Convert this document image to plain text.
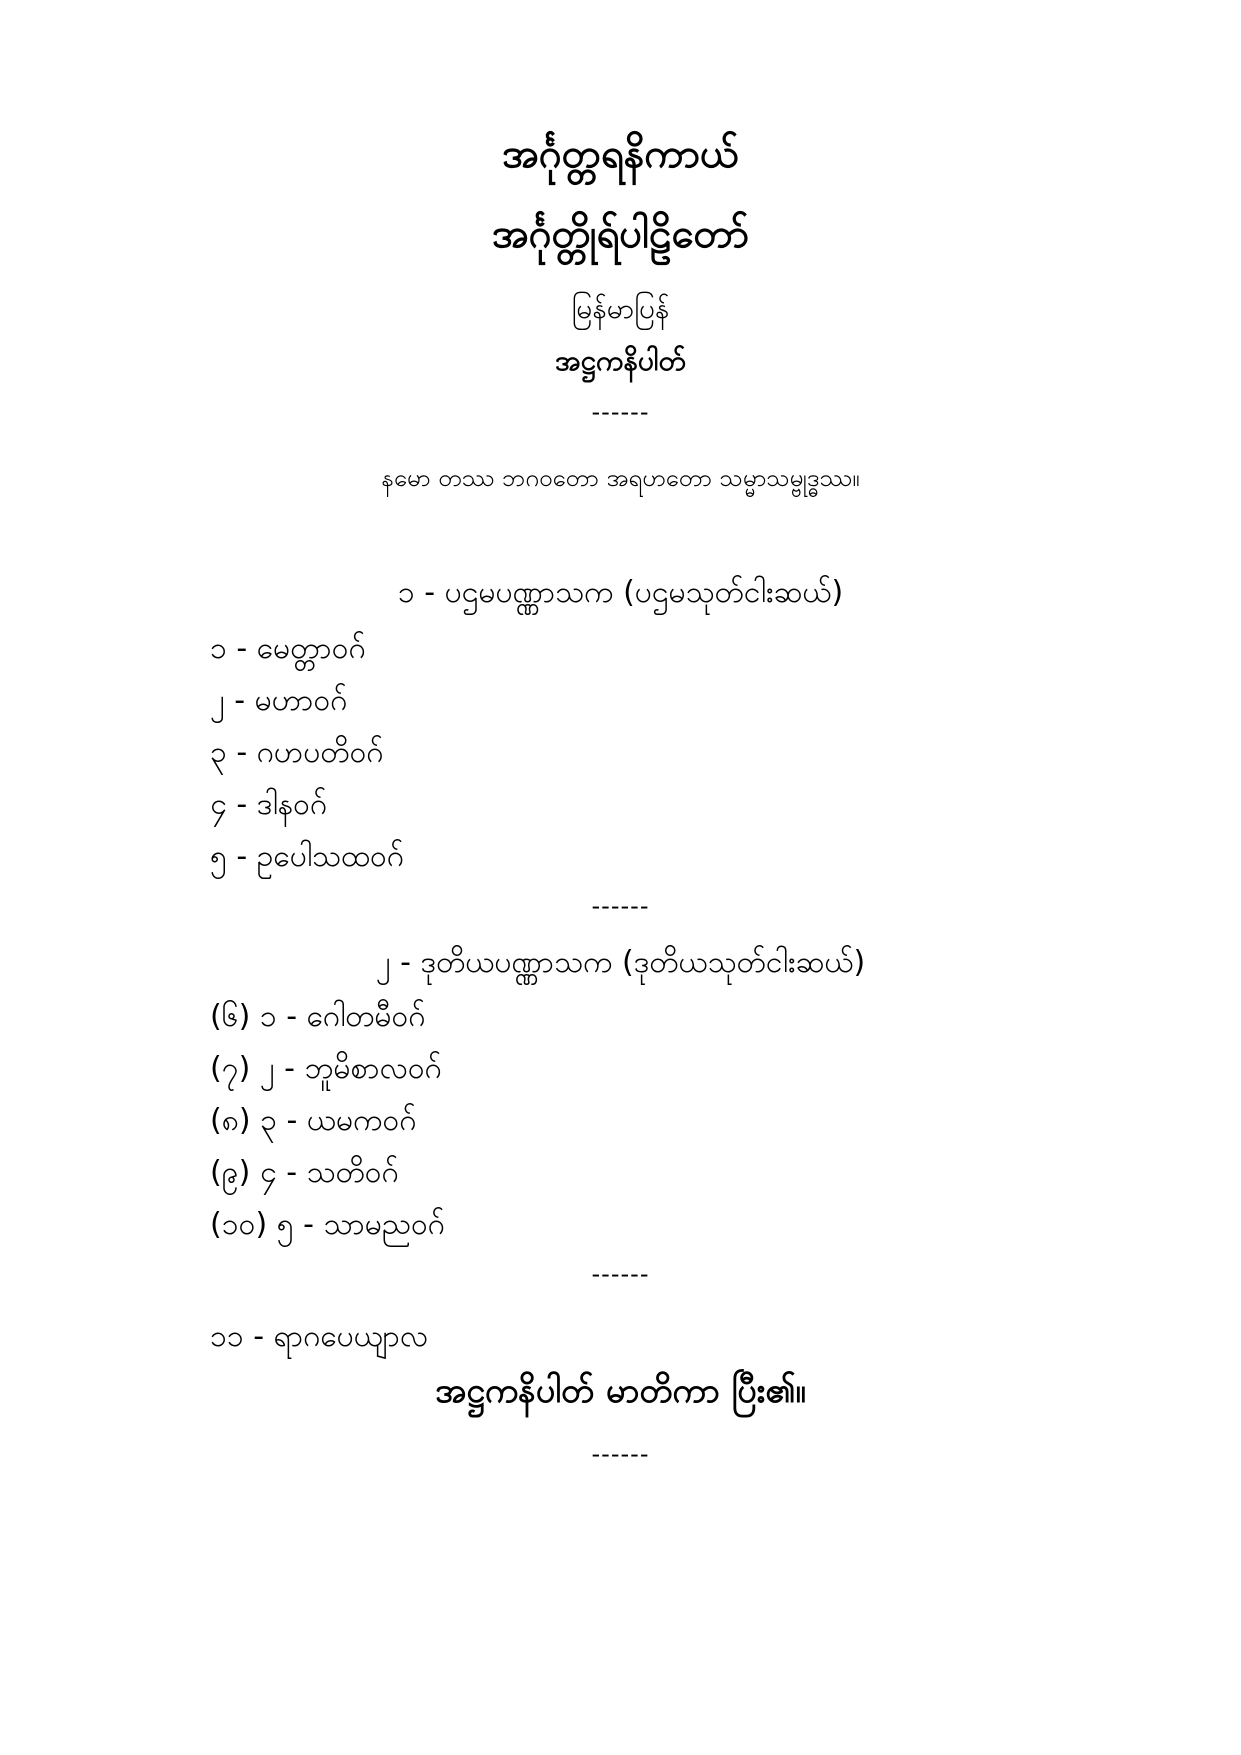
အင်္ဂုတ္တရနိကာယ်
အင်္ဂုတ္တိုရ်ပါဠိတော်
မြန်မာပြန်
အဋ္ဌကနိပါတ်
------
နမော တဿ ဘဂဝတော အရဟတော သမ္မာသမ္ဗုဒ္ဓဿ။
၁ - ပဌမပဏ္ဏာသက (ပဌမသုတ်ငါးဆယ်)
၁ - မေတ္တာဝဂ်
၂ - မဟာဝဂ်
၃ - ဂဟပတိဝဂ်
၄ - ဒါနဝဂ်
၅ - ဥပေါသထဝဂ်
------
၂ - ဒုတိယပဏ္ဏာသက (ဒုတိယသုတ်ငါးဆယ်)
(၆) ၁ - ဂေါတမီဝဂ်
(၇) ၂ - ဘူမိစာလဝဂ်
(၈) ၃ - ယမကဝဂ်
(၉) ၄ - သတိဝဂ်
(၁၀) ၅ - သာမညဝဂ်
------
၁၁ - ရာဂပေယျာလ
အဋ္ဌကနိပါတ် မာတိကာ ပြီး၏။
------
